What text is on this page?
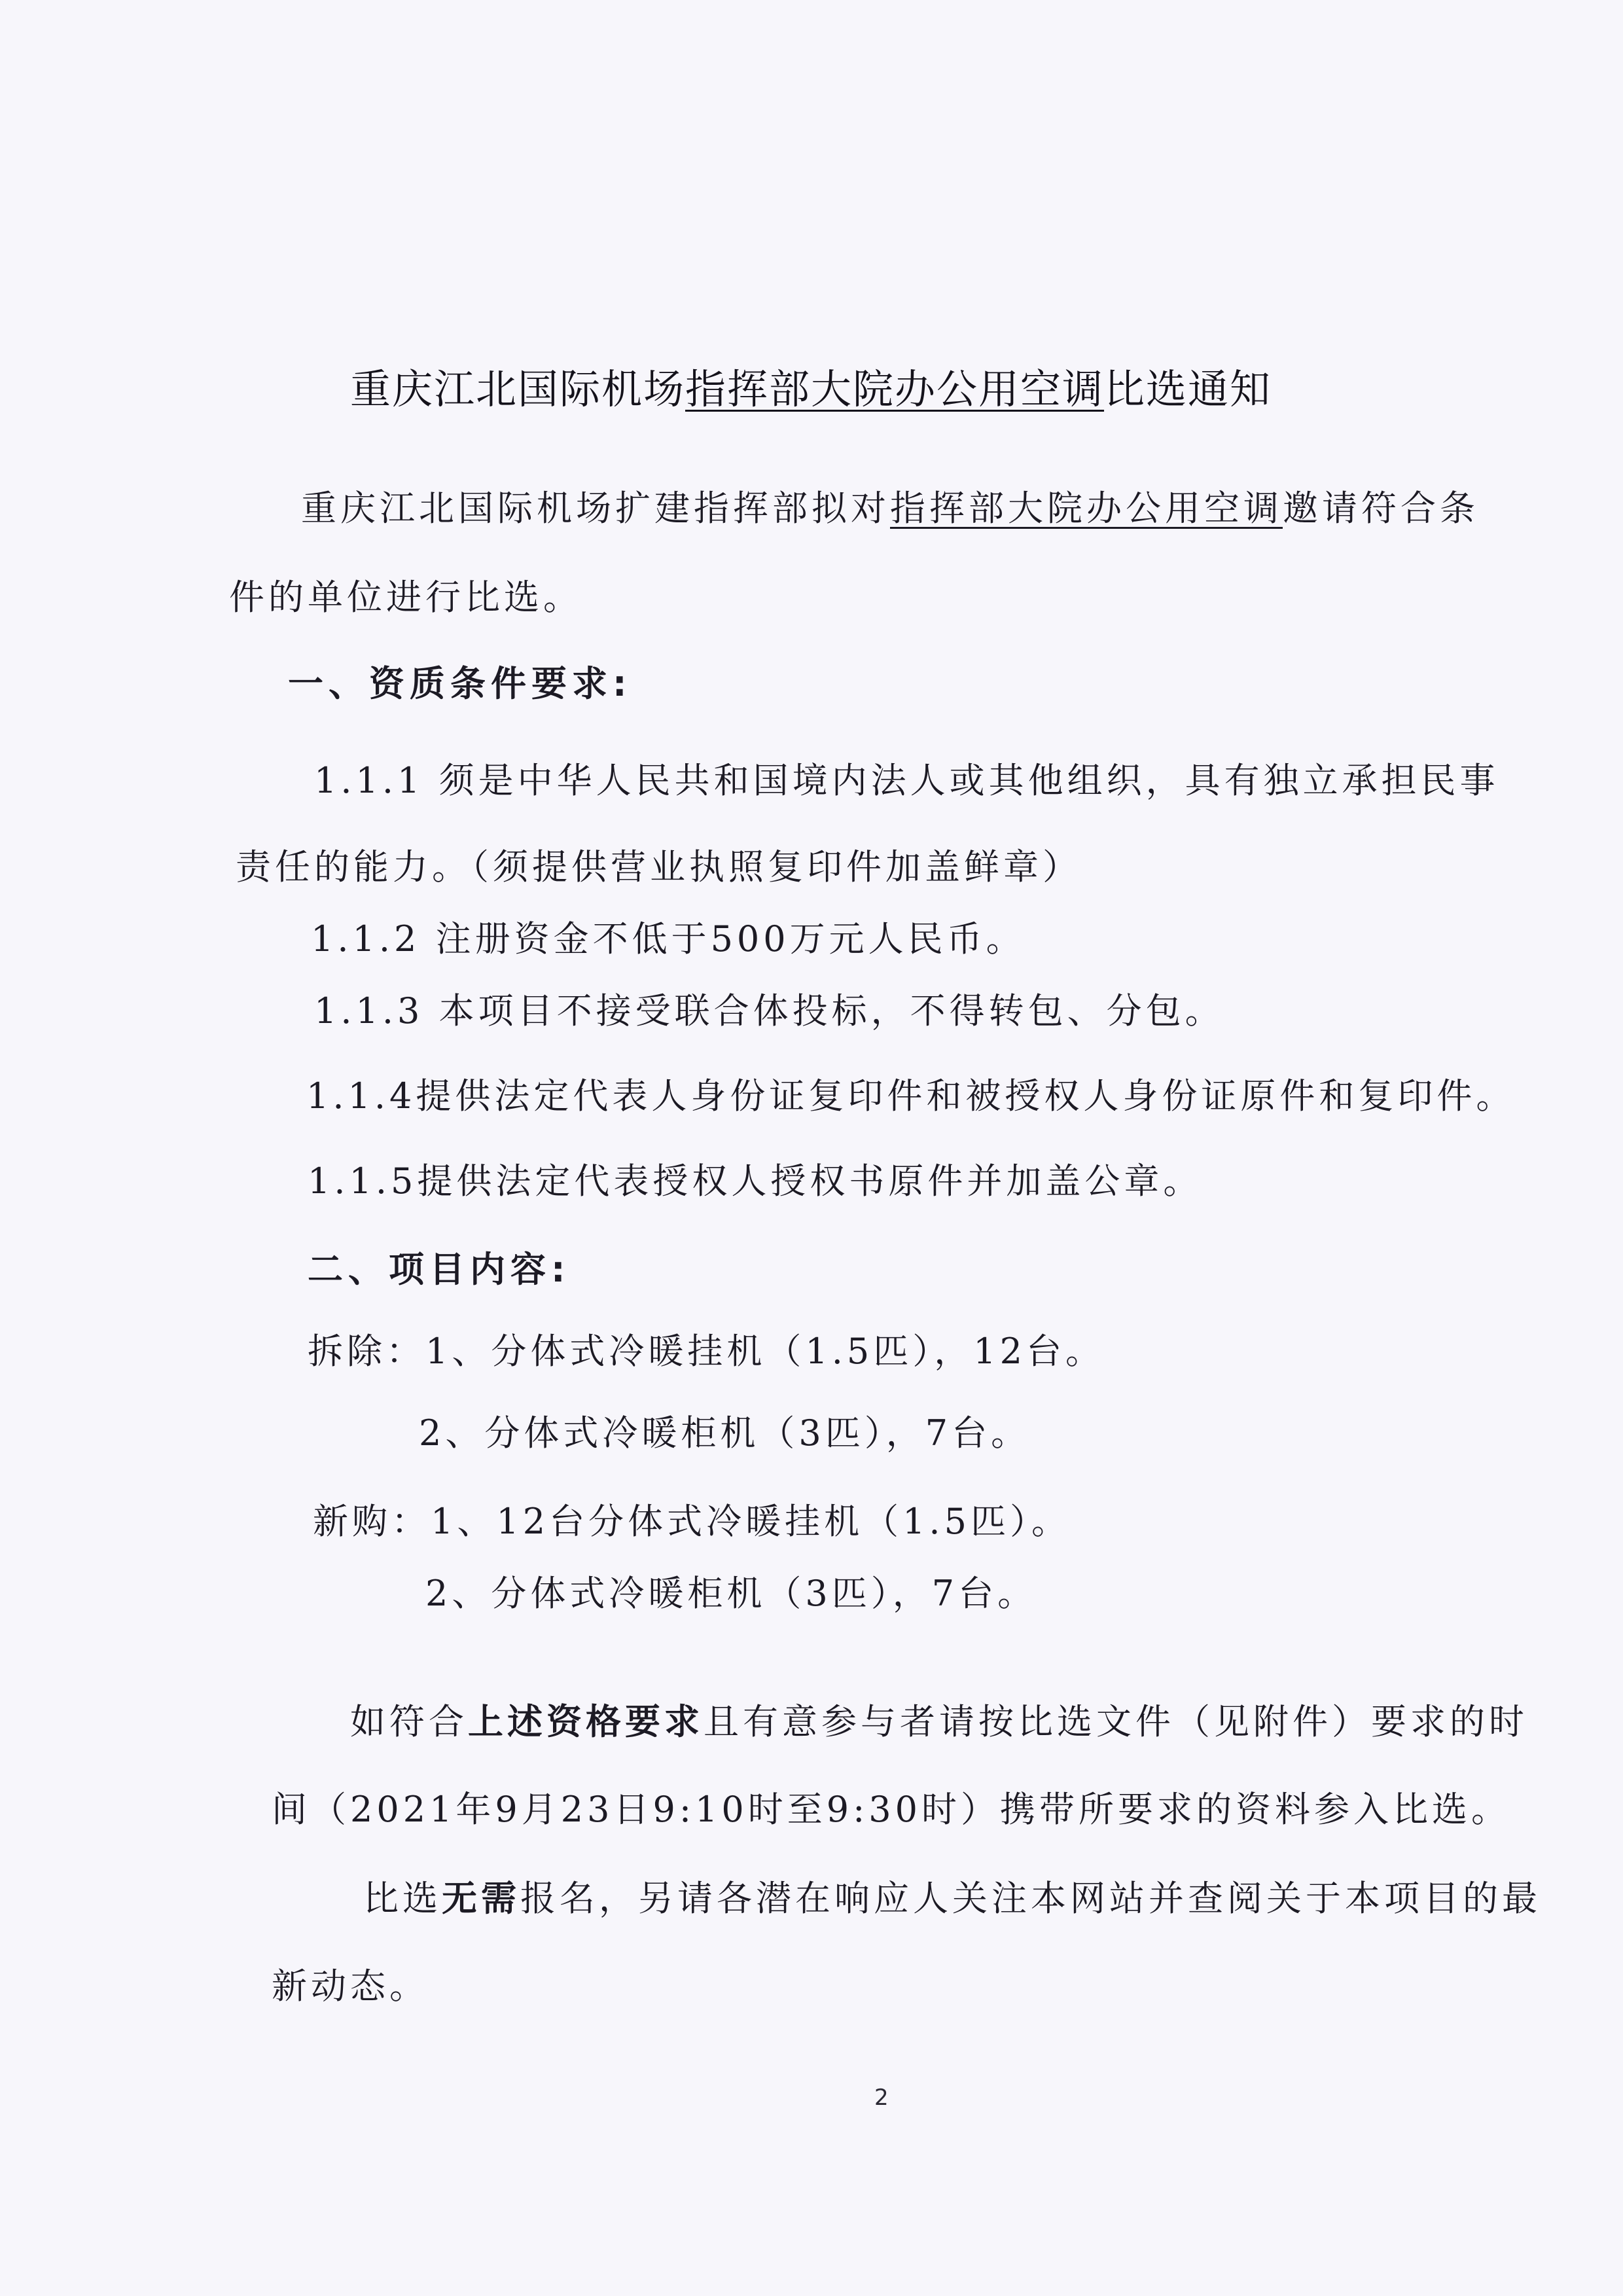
重庆江北国际机场指挥部大院办公用空调比选通知
重庆江北国际机场扩建指挥部拟对指挥部大院办公用空调邀请符合条
件的单位进行比选。
一、资质条件要求:
1.1.1 须是中华人民共和国境内法人或其他组织，具有独立承担民事
责任的能力。（须提供营业执照复印件加盖鲜章）
1.1.2 注册资金不低于500万元人民币。
1.1.3 本项目不接受联合体投标，不得转包、分包。
1.1.4提供法定代表人身份证复印件和被授权人身份证原件和复印件。
1.1.5提供法定代表授权人授权书原件并加盖公章。
二、项目内容:
拆除：1、分体式冷暖挂机（1.5匹），12台。
2、分体式冷暖柜机（3匹），7台。
新购：1、12台分体式冷暖挂机（1.5匹）。
2、分体式冷暖柜机（3匹），7台。
如符合上述资格要求且有意参与者请按比选文件（见附件）要求的时
间（2021年9月23日9:10时至9:30时）携带所要求的资料参入比选。
比选无需报名，另请各潜在响应人关注本网站并查阅关于本项目的最
新动态。
2
